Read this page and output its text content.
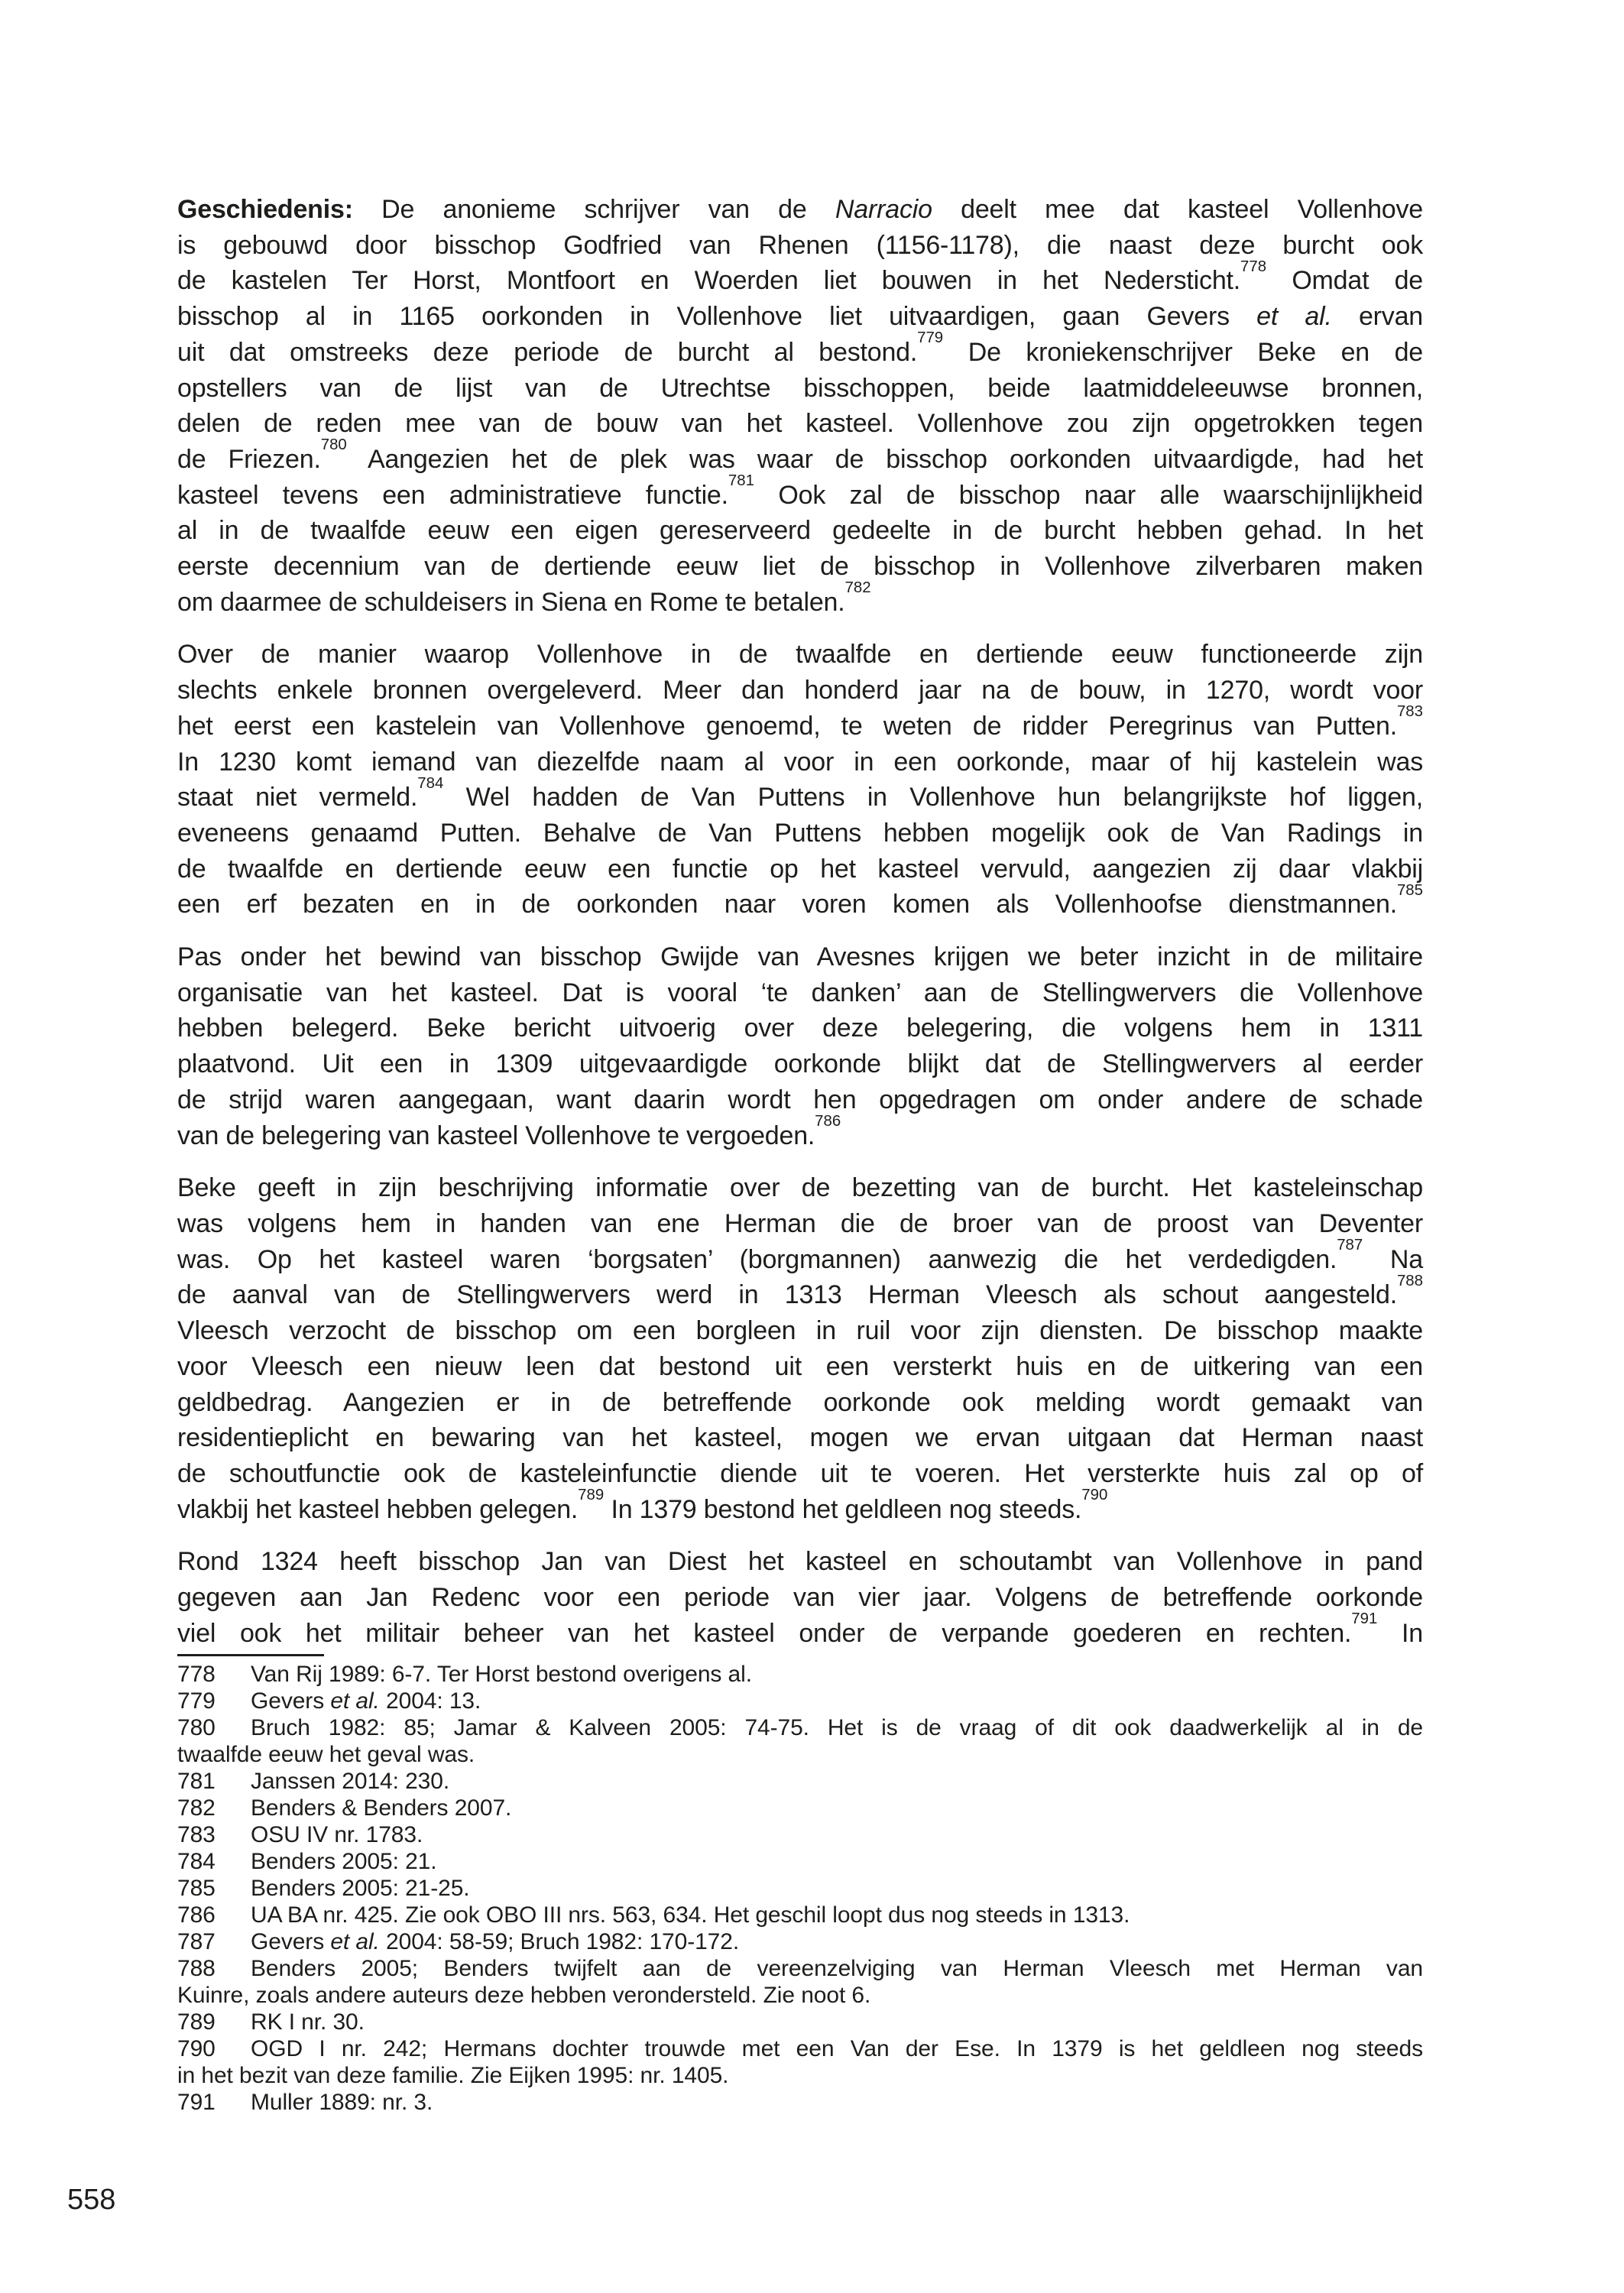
Geschiedenis: De anonieme schrijver van de Narracio deelt mee dat kasteel Vollenhove
is gebouwd door bisschop Godfried van Rhenen (1156-1178), die naast deze burcht ook
de kastelen Ter Horst, Montfoort en Woerden liet bouwen in het Nedersticht.$^{778}$ Omdat de
bisschop al in 1165 oorkonden in Vollenhove liet uitvaardigen, gaan Gevers et al. ervan
uit dat omstreeks deze periode de burcht al bestond.$^{779}$ De kroniekenschrijver Beke en de
opstellers van de lijst van de Utrechtse bisschoppen, beide laatmiddeleeuwse bronnen,
delen de reden mee van de bouw van het kasteel. Vollenhove zou zijn opgetrokken tegen
de Friezen.$^{780}$ Aangezien het de plek was waar de bisschop oorkonden uitvaardigde, had het
kasteel tevens een administratieve functie.$^{781}$ Ook zal de bisschop naar alle waarschijnlijkheid
al in de twaalfde eeuw een eigen gereserveerd gedeelte in de burcht hebben gehad. In het
eerste decennium van de dertiende eeuw liet de bisschop in Vollenhove zilverbaren maken
om daarmee de schuldeisers in Siena en Rome te betalen.$^{782}$
Over de manier waarop Vollenhove in de twaalfde en dertiende eeuw functioneerde zijn
slechts enkele bronnen overgeleverd. Meer dan honderd jaar na de bouw, in 1270, wordt voor
het eerst een kastelein van Vollenhove genoemd, te weten de ridder Peregrinus van Putten.$^{783}$
In 1230 komt iemand van diezelfde naam al voor in een oorkonde, maar of hij kastelein was
staat niet vermeld.$^{784}$ Wel hadden de Van Puttens in Vollenhove hun belangrijkste hof liggen,
eveneens genaamd Putten. Behalve de Van Puttens hebben mogelijk ook de Van Radings in
de twaalfde en dertiende eeuw een functie op het kasteel vervuld, aangezien zij daar vlakbij
een erf bezaten en in de oorkonden naar voren komen als Vollenhoofse dienstmannen.$^{785}$
Pas onder het bewind van bisschop Gwijde van Avesnes krijgen we beter inzicht in de militaire
organisatie van het kasteel. Dat is vooral ‘te danken’ aan de Stellingwervers die Vollenhove
hebben belegerd. Beke bericht uitvoerig over deze belegering, die volgens hem in 1311
plaatvond. Uit een in 1309 uitgevaardigde oorkonde blijkt dat de Stellingwervers al eerder
de strijd waren aangegaan, want daarin wordt hen opgedragen om onder andere de schade
van de belegering van kasteel Vollenhove te vergoeden.$^{786}$
Beke geeft in zijn beschrijving informatie over de bezetting van de burcht. Het kasteleinschap
was volgens hem in handen van ene Herman die de broer van de proost van Deventer
was. Op het kasteel waren ‘borgsaten’ (borgmannen) aanwezig die het verdedigden.$^{787}$ Na
de aanval van de Stellingwervers werd in 1313 Herman Vleesch als schout aangesteld.$^{788}$
Vleesch verzocht de bisschop om een borgleen in ruil voor zijn diensten. De bisschop maakte
voor Vleesch een nieuw leen dat bestond uit een versterkt huis en de uitkering van een
geldbedrag. Aangezien er in de betreffende oorkonde ook melding wordt gemaakt van
residentieplicht en bewaring van het kasteel, mogen we ervan uitgaan dat Herman naast
de schoutfunctie ook de kasteleinfunctie diende uit te voeren. Het versterkte huis zal op of
vlakbij het kasteel hebben gelegen.$^{789}$ In 1379 bestond het geldleen nog steeds.$^{790}$
Rond 1324 heeft bisschop Jan van Diest het kasteel en schoutambt van Vollenhove in pand
gegeven aan Jan Redenc voor een periode van vier jaar. Volgens de betreffende oorkonde
viel ook het militair beheer van het kasteel onder de verpande goederen en rechten.$^{791}$ In
778 Van Rij 1989: 6-7. Ter Horst bestond overigens al.
779 Gevers et al. 2004: 13.
780 Bruch 1982: 85; Jamar & Kalveen 2005: 74-75. Het is de vraag of dit ook daadwerkelijk al in de
twaalfde eeuw het geval was.
781 Janssen 2014: 230.
782 Benders & Benders 2007.
783 OSU IV nr. 1783.
784 Benders 2005: 21.
785 Benders 2005: 21-25.
786 UA BA nr. 425. Zie ook OBO III nrs. 563, 634. Het geschil loopt dus nog steeds in 1313.
787 Gevers et al. 2004: 58-59; Bruch 1982: 170-172.
788 Benders 2005; Benders twijfelt aan de vereenzelviging van Herman Vleesch met Herman van
Kuinre, zoals andere auteurs deze hebben verondersteld. Zie noot 6.
789 RK I nr. 30.
790 OGD I nr. 242; Hermans dochter trouwde met een Van der Ese. In 1379 is het geldleen nog steeds
in het bezit van deze familie. Zie Eijken 1995: nr. 1405.
791 Muller 1889: nr. 3.
558
